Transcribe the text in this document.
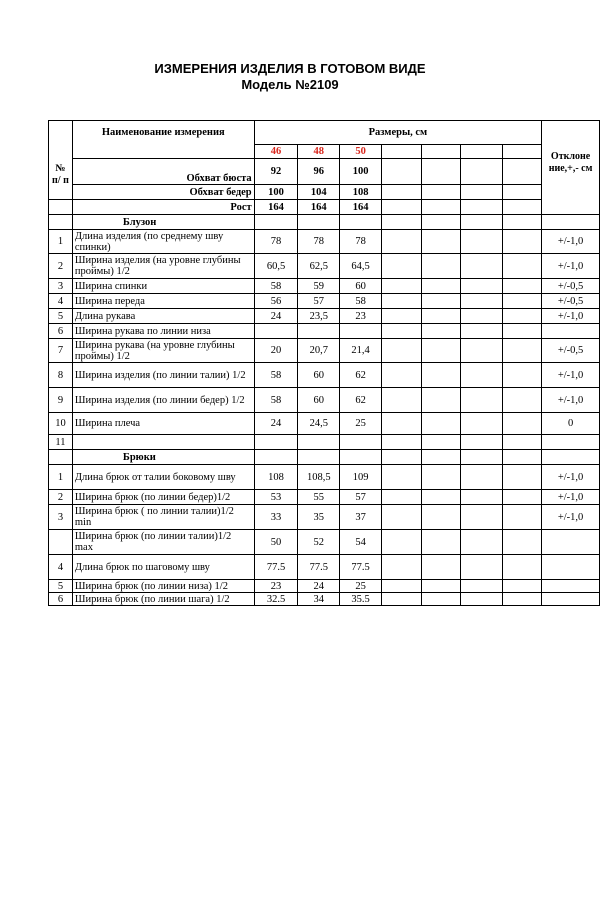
ИЗМЕРЕНИЯ ИЗДЕЛИЯ В ГОТОВОМ ВИДЕ
Модель №2109
№ п/ п	Наименование измерения	Размеры, см							Отклоне ние,+,- см
		46	48	50					
	Обхват бюста	92	96	100					
	Обхват бедер	100	104	108					
	Рост	164	164	164					
	Блузон								
1	Длина изделия (по среднему шву спинки)	78	78	78					+/-1,0
2	Ширина изделия (на уровне глубины проймы) 1/2	60,5	62,5	64,5					+/-1,0
3	Ширина спинки	58	59	60					+/-0,5
4	Ширина переда	56	57	58					+/-0,5
5	Длина рукава	24	23,5	23					+/-1,0
6	Ширина рукава по линии низа								
7	Ширина рукава (на уровне глубины проймы) 1/2	20	20,7	21,4					+/-0,5
8	Ширина изделия (по линии талии) 1/2	58	60	62					+/-1,0
9	Ширина изделия (по линии бедер) 1/2	58	60	62					+/-1,0
10	Ширина плеча	24	24,5	25					0
11									
	Брюки								
1	Длина брюк от талии боковому шву	108	108,5	109					+/-1,0
2	Ширина брюк (по линии бедер)1/2	53	55	57					+/-1,0
3	Ширина брюк ( по линии талии)1/2 min	33	35	37					+/-1,0
	Ширина брюк (по линии талии)1/2 max	50	52	54					
4	Длина брюк по шаговому шву	77.5	77.5	77.5					
5	Ширина брюк (по линии низа) 1/2	23	24	25					
6	Ширина брюк (по линии шага) 1/2	32.5	34	35.5					
